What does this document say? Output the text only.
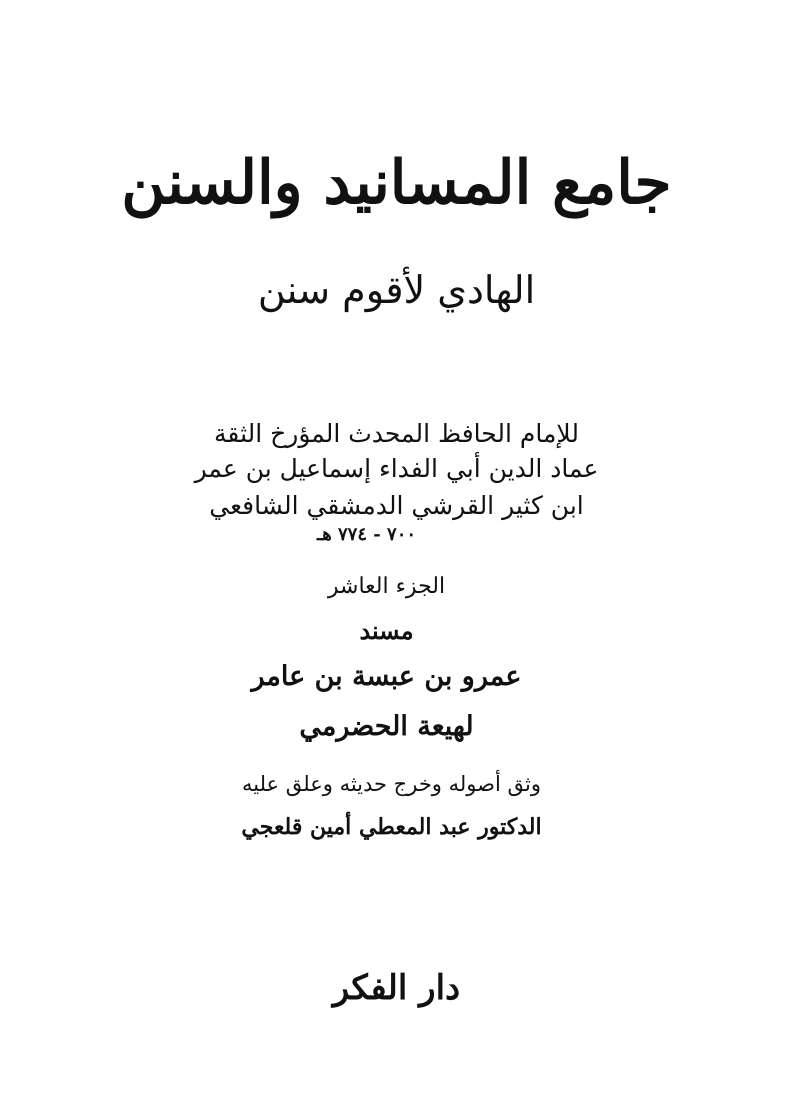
جامع المسانيد والسنن
الهادي لأقوم سنن
للإمام الحافظ المحدث المؤرخ الثقة
عماد الدين أبي الفداء إسماعيل بن عمر
ابن كثير القرشي الدمشقي الشافعي
٧٠٠ - ٧٧٤ هـ
الجزء العاشر
مسند
عمرو بن عبسة بن عامر
لهيعة الحضرمي
وثق أصوله وخرج حديثه وعلق عليه
الدكتور عبد المعطي أمين قلعجي
دار الفكر
